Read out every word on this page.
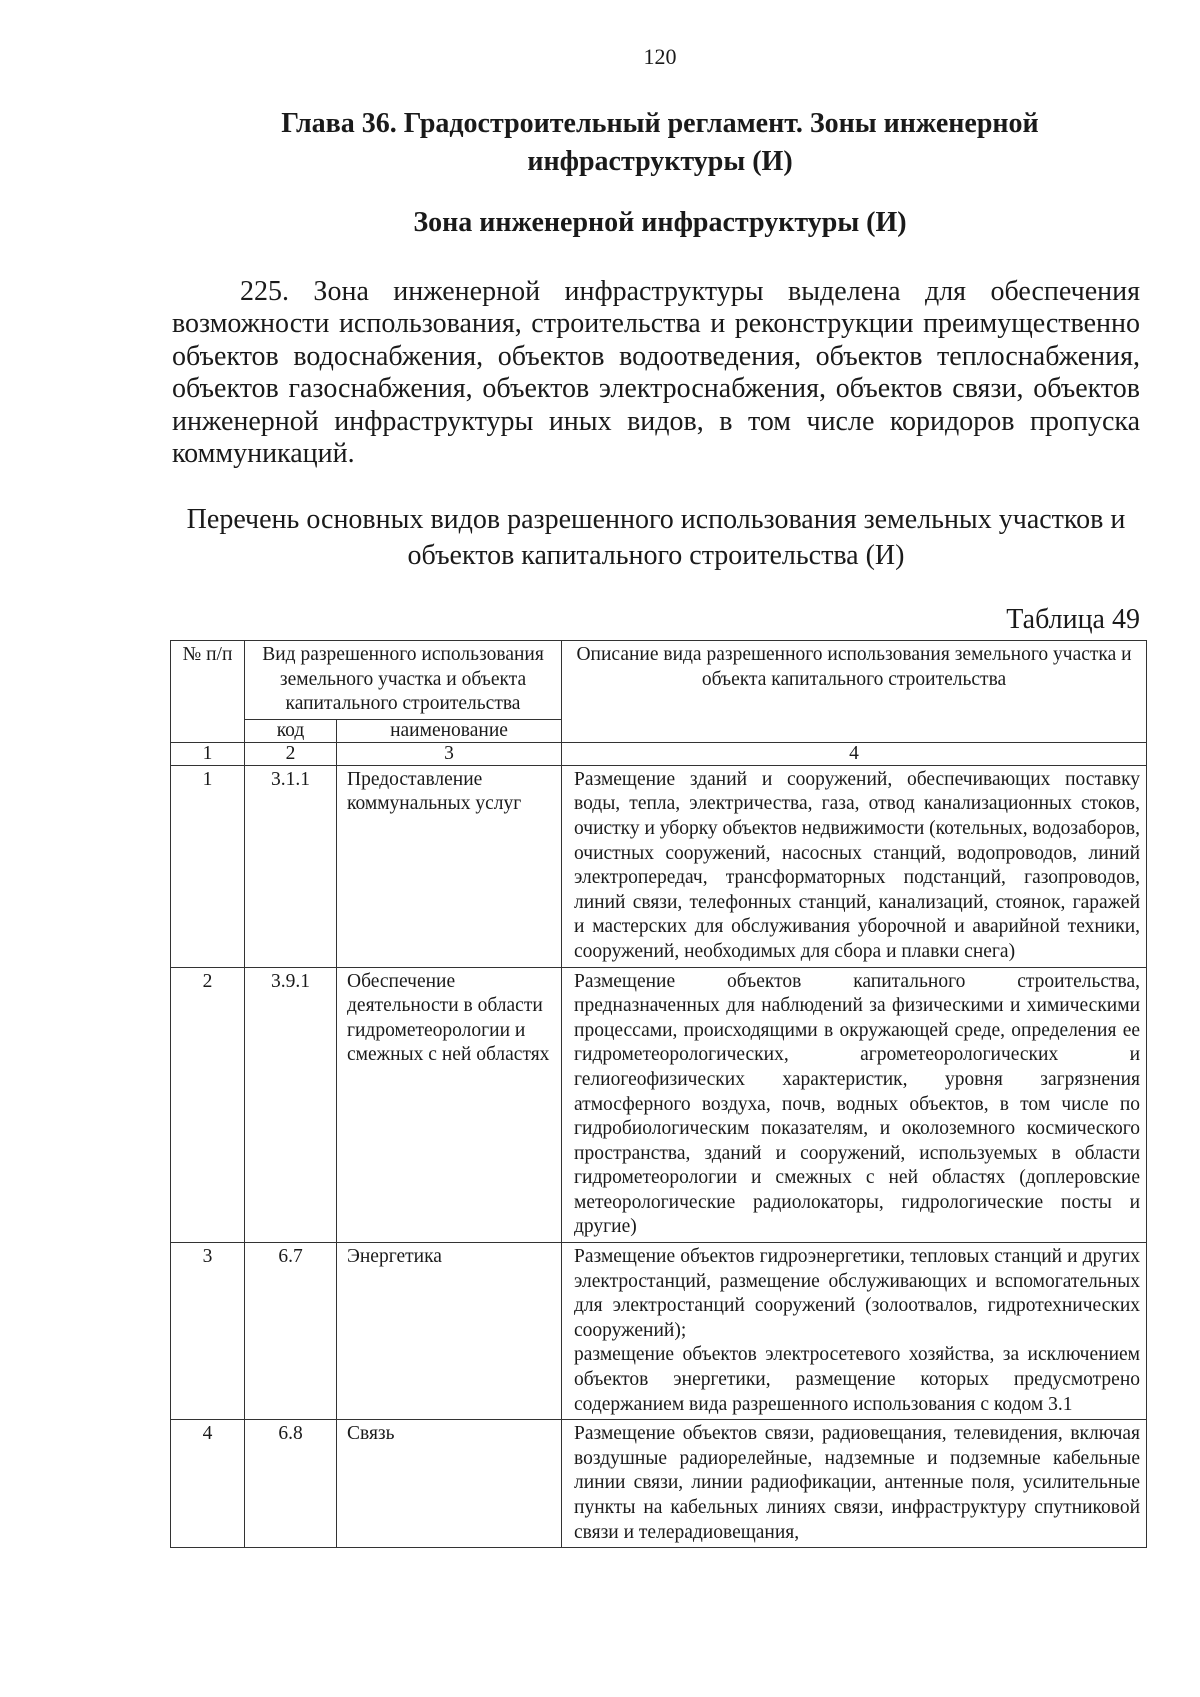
120
Глава 36. Градостроительный регламент. Зоны инженерной инфраструктуры (И)
Зона инженерной инфраструктуры (И)

225. Зона инженерной инфраструктуры выделена для обеспечения возможности использования, строительства и реконструкции преимущественно объектов водоснабжения, объектов водоотведения, объектов теплоснабжения, объектов газоснабжения, объектов электроснабжения, объектов связи, объектов инженерной инфраструктуры иных видов, в том числе коридоров пропуска коммуникаций.

Перечень основных видов разрешенного использования земельных участков и объектов капитального строительства (И)
Таблица 49
№ п/п	Вид разрешенного использования земельного участка и объекта капитального строительства		Описание вида разрешенного использования земельного участка и объекта капитального строительства
	код	наименование	
1	2	3	4
1	3.1.1	Предоставление коммунальных услуг	Размещение зданий и сооружений, обеспечивающих поставку воды, тепла, электричества, газа, отвод канализационных стоков, очистку и уборку объектов недвижимости (котельных, водозаборов, очистных сооружений, насосных станций, водопроводов, линий электропередач, трансформаторных подстанций, газопроводов, линий связи, телефонных станций, канализаций, стоянок, гаражей и мастерских для обслуживания уборочной и аварийной техники, сооружений, необходимых для сбора и плавки снега)
2	3.9.1	Обеспечение деятельности в области гидрометеорологии и смежных с ней областях	Размещение объектов капитального строительства, предназначенных для наблюдений за физическими и химическими процессами, происходящими в окружающей среде, определения ее гидрометеорологических, агрометеорологических и гелиогеофизических характеристик, уровня загрязнения атмосферного воздуха, почв, водных объектов, в том числе по гидробиологическим показателям, и околоземного космического пространства, зданий и сооружений, используемых в области гидрометеорологии и смежных с ней областях (доплеровские метеорологические радиолокаторы, гидрологические посты и другие)
3	6.7	Энергетика	Размещение объектов гидроэнергетики, тепловых станций и других электростанций, размещение обслуживающих и вспомогательных для электростанций сооружений (золоотвалов, гидротехнических сооружений);
размещение объектов электросетевого хозяйства, за исключением объектов энергетики, размещение которых предусмотрено содержанием вида разрешенного использования с кодом 3.1

4	6.8	Связь	Размещение объектов связи, радиовещания, телевидения, включая воздушные радиорелейные, надземные и подземные кабельные линии связи, линии радиофикации, антенные поля, усилительные пункты на кабельных линиях связи, инфраструктуру спутниковой связи и телерадиовещания,
